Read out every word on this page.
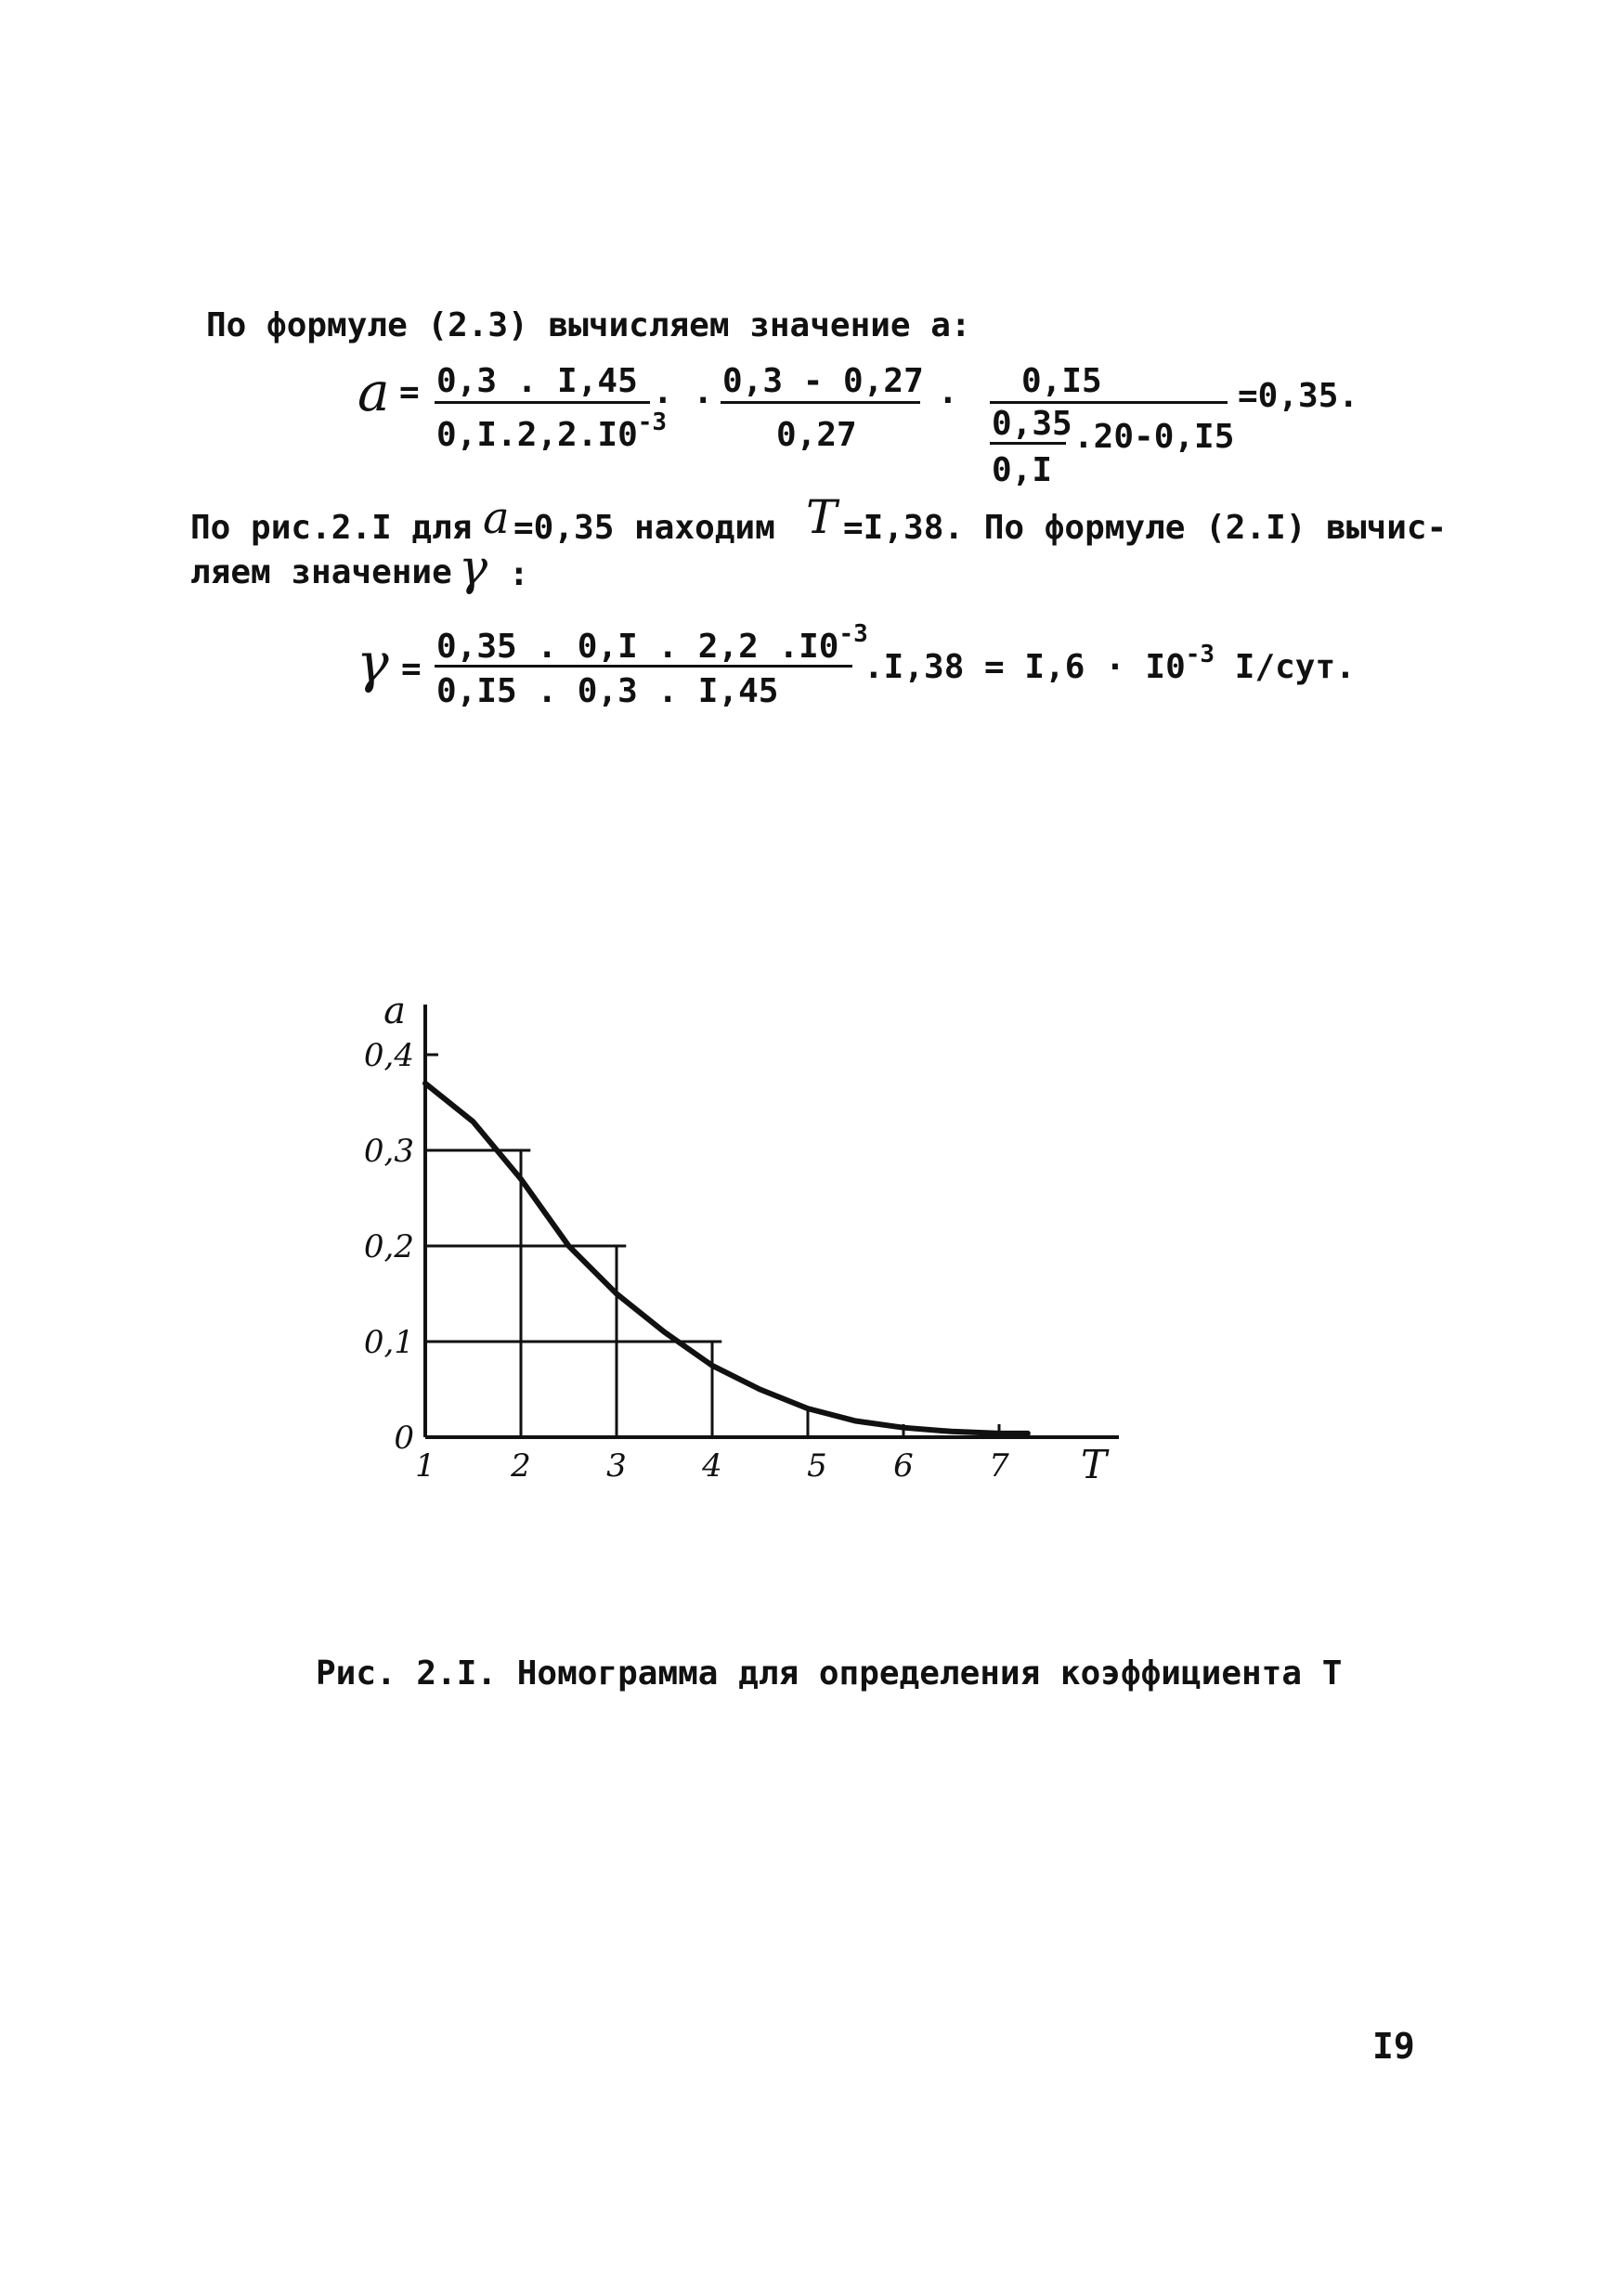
По формуле (2.3) вычисляем значение а:
a = 0,3 . I,45
$0,I.2,2.I0^{-3}$
. . 0,3 - 0,27
0,27
. 0,I5
0,35
0,I
.20-0,I5
=0,35.
По рис.2.I для a =0,35 находим T =I,38. По формуле (2.I) вычис-
ляем значение γ :
γ =
0,35 . 0,I . 2,2 $.I0^{-3}$
0,I5 . 0,3 . I,45
$.I,38 = I,6 \cdot I0^{-3}$ I/сут.
1 2 3 4	5 6 7
0
0,1
0,2
0,3
0,4
a
T
Рис. 2.I. Номограмма для определения коэффициента Т
I9
